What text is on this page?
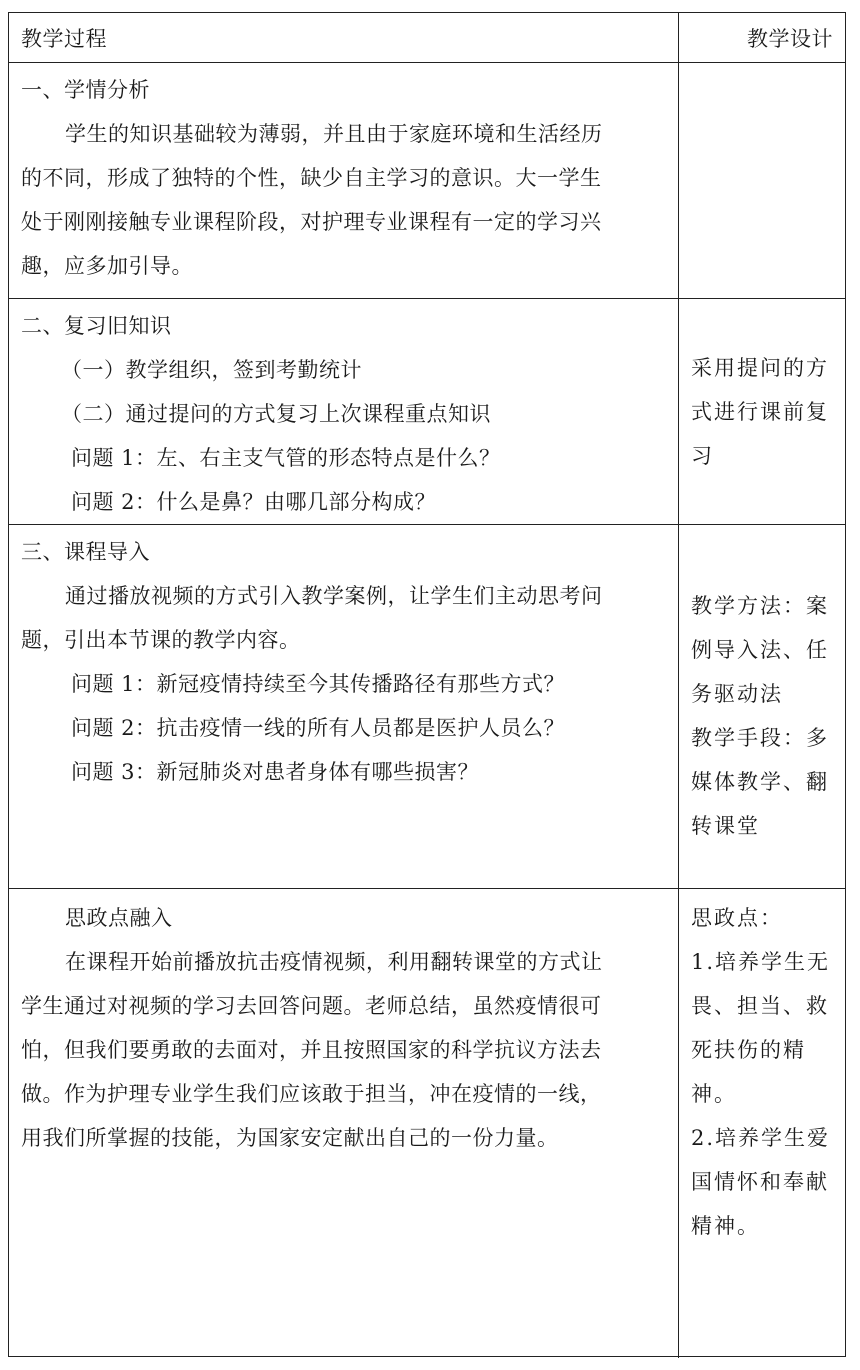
教学过程	教学设计
一、学情分析
学生的知识基础较为薄弱，并且由于家庭环境和生活经历
的不同，形成了独特的个性，缺少自主学习的意识。大一学生
处于刚刚接触专业课程阶段，对护理专业课程有一定的学习兴
趣，应多加引导。
二、复习旧知识
（一）教学组织，签到考勤统计
（二）通过提问的方式复习上次课程重点知识
问题 1：左、右主支气管的形态特点是什么？
问题 2：什么是鼻？由哪几部分构成？
采用提问的方
式进行课前复
习
三、课程导入
通过播放视频的方式引入教学案例，让学生们主动思考问
题，引出本节课的教学内容。
问题 1：新冠疫情持续至今其传播路径有那些方式？
问题 2：抗击疫情一线的所有人员都是医护人员么？
问题 3：新冠肺炎对患者身体有哪些损害？
教学方法：案
例导入法、任
务驱动法
教学手段：多
媒体教学、翻
转课堂
思政点融入
在课程开始前播放抗击疫情视频，利用翻转课堂的方式让
学生通过对视频的学习去回答问题。老师总结，虽然疫情很可
怕，但我们要勇敢的去面对，并且按照国家的科学抗议方法去
做。作为护理专业学生我们应该敢于担当，冲在疫情的一线，
用我们所掌握的技能，为国家安定献出自己的一份力量。
思政点：
1.培养学生无
畏、担当、救
死扶伤的精
神。
2.培养学生爱
国情怀和奉献
精神。
